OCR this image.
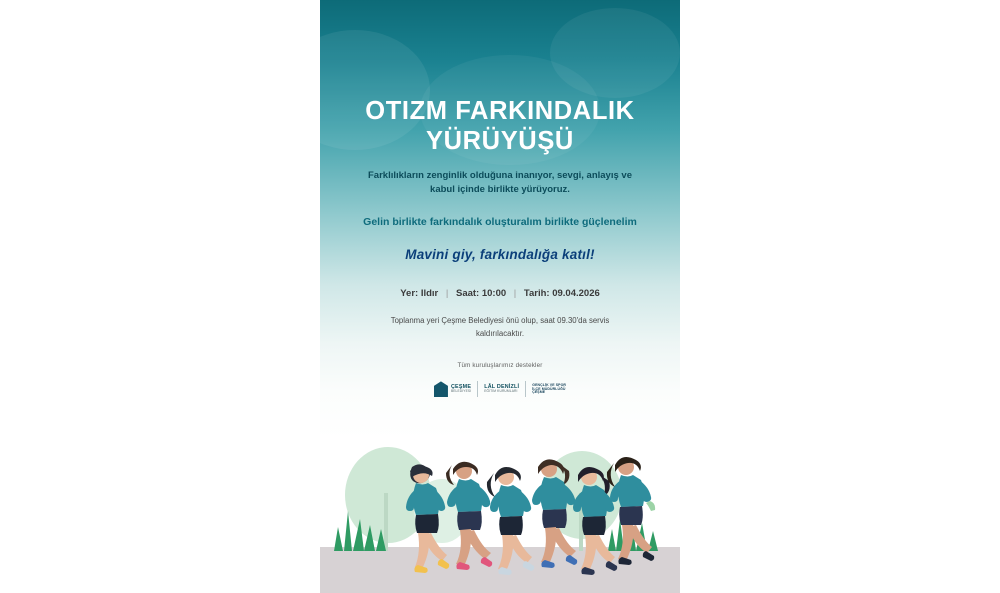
OTIZM FARKINDALIK
YÜRÜYÜŞÜ
Farklılıkların zenginlik olduğuna inanıyor, sevgi, anlayış ve kabul içinde birlikte yürüyoruz.
Gelin birlikte farkındalık oluşturalım birlikte güçlenelim
Mavini giy, farkındalığa katıl!
Yer: Ildır | Saat: 10:00 | Tarih: 09.04.2026
Toplanma yeri Çeşme Belediyesi önü olup, saat 09.30'da servis kaldırılacaktır.
Tüm kuruluşlarımız destekler
ÇEŞME
BELEDİYESİ
LÂL DENİZLİ
EĞİTİM KURUMLARI
GENÇLİK VE SPOR
İLÇE MÜDÜRLÜĞÜ
ÇEŞME
